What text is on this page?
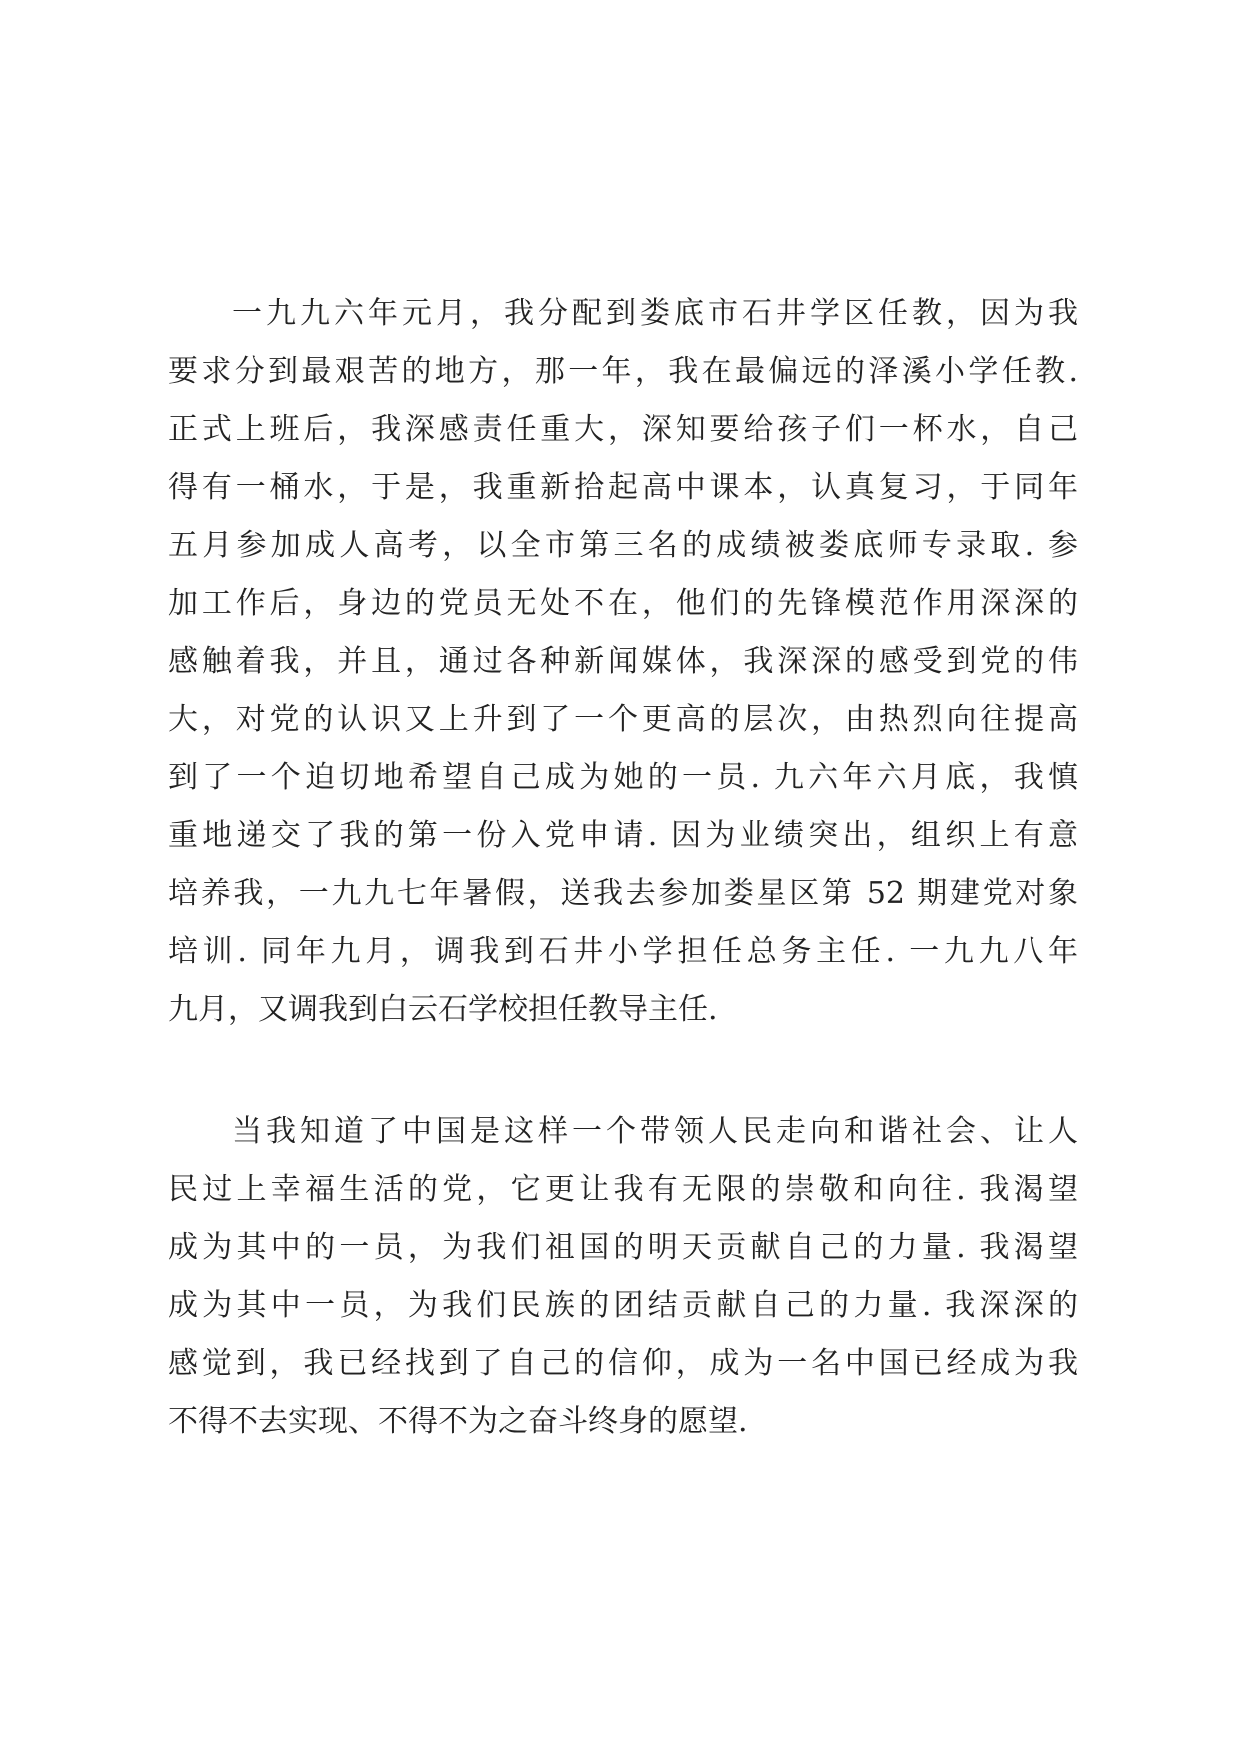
一九九六年元月，我分配到娄底市石井学区任教，因为我
要求分到最艰苦的地方，那一年，我在最偏远的泽溪小学任教.
正式上班后，我深感责任重大，深知要给孩子们一杯水，自己
得有一桶水，于是，我重新拾起高中课本，认真复习，于同年
五月参加成人高考，以全市第三名的成绩被娄底师专录取. 参
加工作后，身边的党员无处不在，他们的先锋模范作用深深的
感触着我，并且，通过各种新闻媒体，我深深的感受到党的伟
大，对党的认识又上升到了一个更高的层次，由热烈向往提高
到了一个迫切地希望自己成为她的一员. 九六年六月底，我慎
重地递交了我的第一份入党申请. 因为业绩突出，组织上有意
培养我，一九九七年暑假，送我去参加娄星区第 52 期建党对象
培训. 同年九月，调我到石井小学担任总务主任. 一九九八年
九月，又调我到白云石学校担任教导主任.
当我知道了中国是这样一个带领人民走向和谐社会、让人
民过上幸福生活的党，它更让我有无限的崇敬和向往. 我渴望
成为其中的一员，为我们祖国的明天贡献自己的力量. 我渴望
成为其中一员，为我们民族的团结贡献自己的力量. 我深深的
感觉到，我已经找到了自己的信仰，成为一名中国已经成为我
不得不去实现、不得不为之奋斗终身的愿望.
